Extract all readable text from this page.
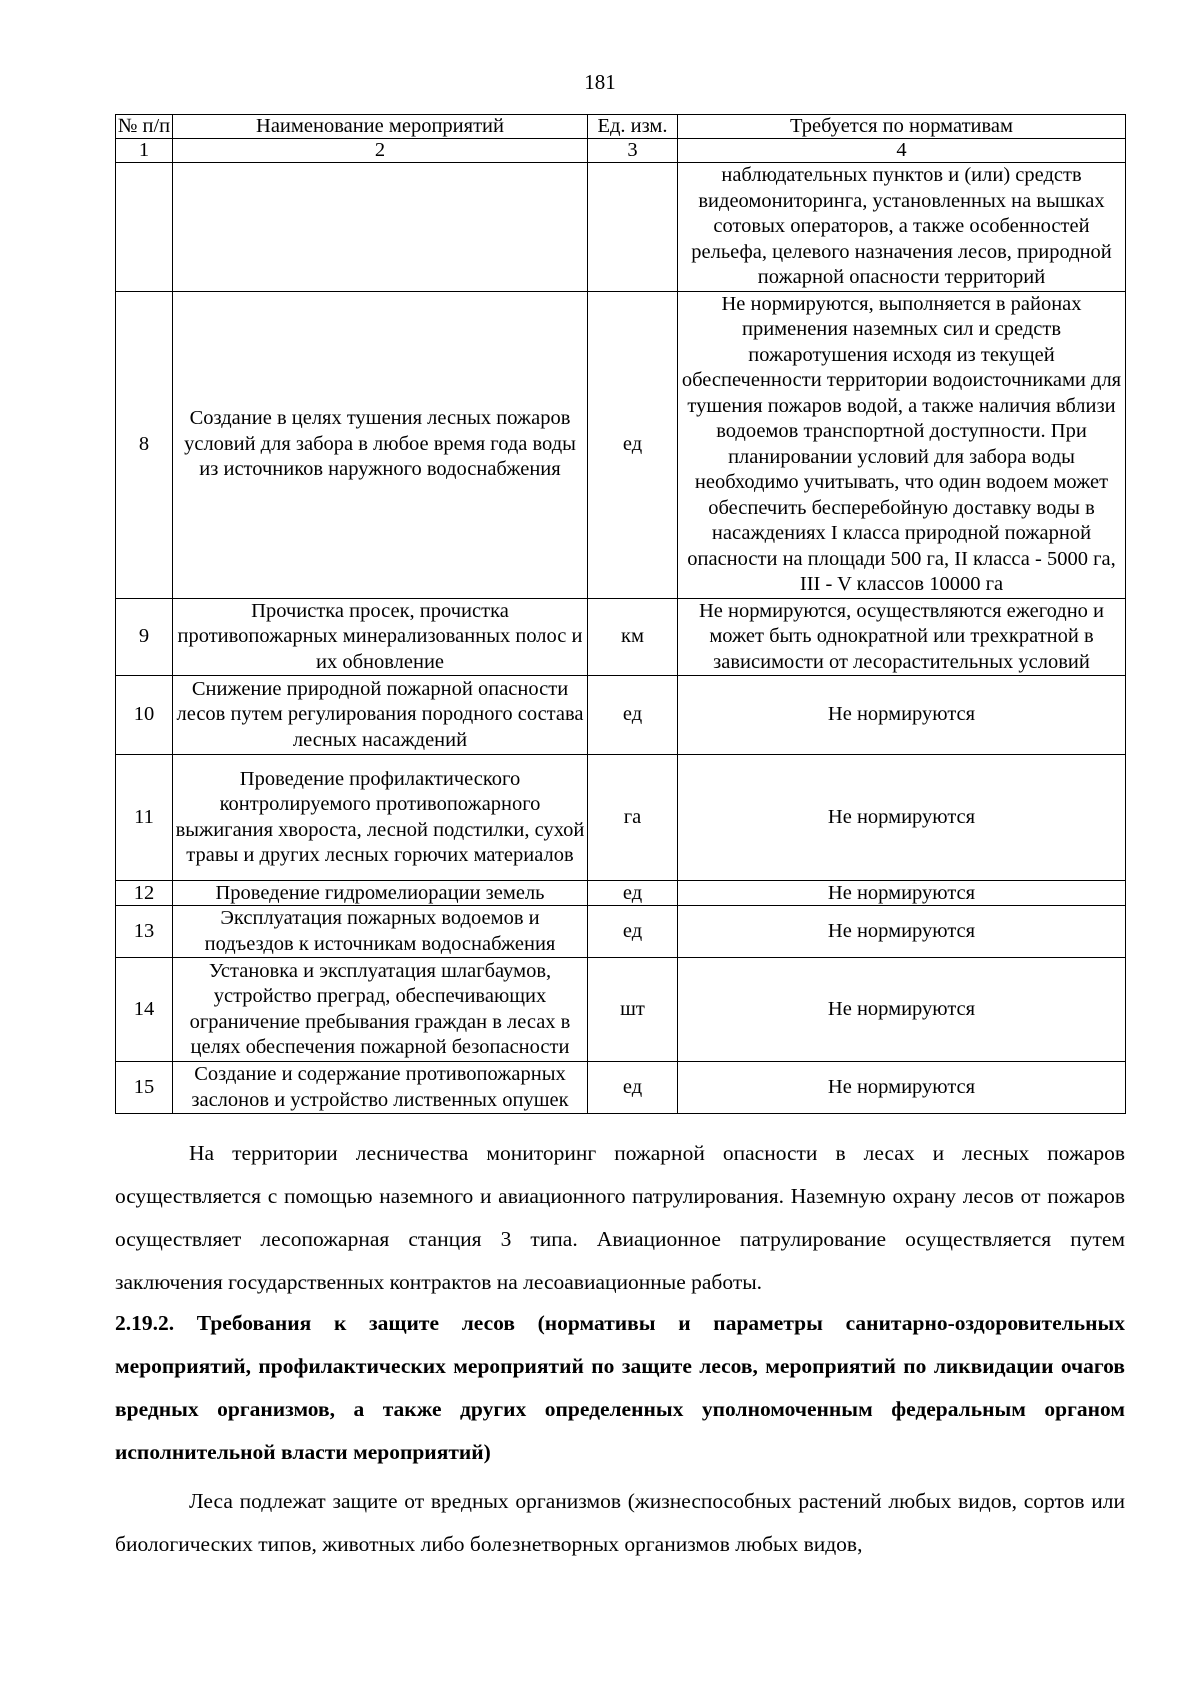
181
№ п/п	Наименование мероприятий	Ед. изм.	Требуется по нормативам
1	2	3	4
			наблюдательных пунктов и (или) средств видеомониторинга, установленных на вышках сотовых операторов, а также особенностей рельефа, целевого назначения лесов, природной пожарной опасности территорий
8	Создание в целях тушения лесных пожаров условий для забора в любое время года воды из источников наружного водоснабжения	ед	Не нормируются, выполняется в районах применения наземных сил и средств пожаротушения исходя из текущей обеспеченности территории водоисточниками для тушения пожаров водой, а также наличия вблизи водоемов транспортной доступности. При планировании условий для забора воды необходимо учитывать, что один водоем может обеспечить бесперебойную доставку воды в насаждениях I класса природной пожарной опасности на площади 500 га, II класса - 5000 га, III - V классов 10000 га
9	Прочистка просек, прочистка противопожарных минерализованных полос и их обновление	км	Не нормируются, осуществляются ежегодно и может быть однократной или трехкратной в зависимости от лесорастительных условий
10	Снижение природной пожарной опасности лесов путем регулирования породного состава лесных насаждений	ед	Не нормируются
11	Проведение профилактического контролируемого противопожарного выжигания хвороста, лесной подстилки, сухой травы и других лесных горючих материалов	га	Не нормируются
12	Проведение гидромелиорации земель	ед	Не нормируются
13	Эксплуатация пожарных водоемов и подъездов к источникам водоснабжения	ед	Не нормируются
14	Установка и эксплуатация шлагбаумов, устройство преград, обеспечивающих ограничение пребывания граждан в лесах в целях обеспечения пожарной безопасности	шт	Не нормируются
15	Создание и содержание противопожарных заслонов и устройство лиственных опушек	ед	Не нормируются

На территории лесничества мониторинг пожарной опасности в лесах и лесных пожаров осуществляется с помощью наземного и авиационного патрулирования. Наземную охрану лесов от пожаров осуществляет лесопожарная станция 3 типа. Авиационное патрулирование осуществляется путем заключения государственных контрактов на лесоавиационные работы.

2.19.2. Требования к защите лесов (нормативы и параметры санитарно-оздоровительных мероприятий, профилактических мероприятий по защите лесов, мероприятий по ликвидации очагов вредных организмов, а также других определенных уполномоченным федеральным органом исполнительной власти мероприятий)

Леса подлежат защите от вредных организмов (жизнеспособных растений любых видов, сортов или биологических типов, животных либо болезнетворных организмов любых видов,
